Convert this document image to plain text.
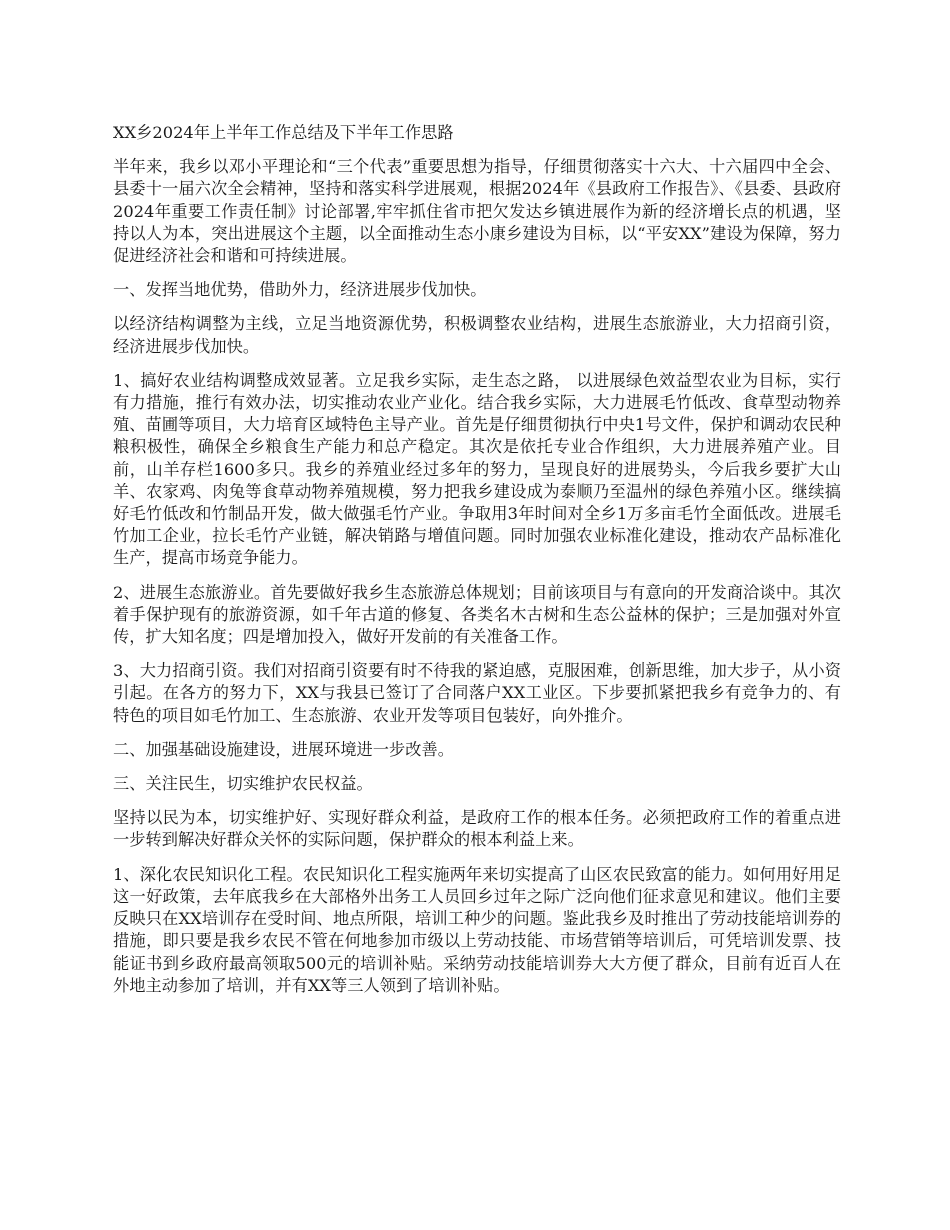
XX乡2024年上半年工作总结及下半年工作思路

半年来，我乡以邓小平理论和“三个代表”重要思想为指导，仔细贯彻落实十六大、十六届四中全会、县委十一届六次全会精神，坚持和落实科学进展观，根据2024年《县政府工作报告》、《县委、县政府2024年重要工作责任制》讨论部署,牢牢抓住省市把欠发达乡镇进展作为新的经济增长点的机遇，坚持以人为本，突出进展这个主题，以全面推动生态小康乡建设为目标，以“平安XX”建设为保障，努力促进经济社会和谐和可持续进展。

一、发挥当地优势，借助外力，经济进展步伐加快。

以经济结构调整为主线，立足当地资源优势，积极调整农业结构，进展生态旅游业，大力招商引资，经济进展步伐加快。

1、搞好农业结构调整成效显著。立足我乡实际，走生态之路， 以进展绿色效益型农业为目标，实行有力措施，推行有效办法，切实推动农业产业化。结合我乡实际，大力进展毛竹低改、食草型动物养殖、苗圃等项目，大力培育区域特色主导产业。首先是仔细贯彻执行中央1号文件，保护和调动农民种粮积极性，确保全乡粮食生产能力和总产稳定。其次是依托专业合作组织，大力进展养殖产业。目前，山羊存栏1600多只。我乡的养殖业经过多年的努力，呈现良好的进展势头，今后我乡要扩大山羊、农家鸡、肉兔等食草动物养殖规模，努力把我乡建设成为泰顺乃至温州的绿色养殖小区。继续搞好毛竹低改和竹制品开发，做大做强毛竹产业。争取用3年时间对全乡1万多亩毛竹全面低改。进展毛竹加工企业，拉长毛竹产业链，解决销路与增值问题。同时加强农业标准化建设，推动农产品标准化生产，提高市场竞争能力。

2、进展生态旅游业。首先要做好我乡生态旅游总体规划；目前该项目与有意向的开发商洽谈中。其次着手保护现有的旅游资源，如千年古道的修复、各类名木古树和生态公益林的保护；三是加强对外宣传，扩大知名度；四是增加投入，做好开发前的有关准备工作。

3、大力招商引资。我们对招商引资要有时不待我的紧迫感，克服困难，创新思维，加大步子，从小资引起。在各方的努力下，XX与我县已签订了合同落户XX工业区。下步要抓紧把我乡有竞争力的、有特色的项目如毛竹加工、生态旅游、农业开发等项目包装好，向外推介。

二、加强基础设施建设，进展环境进一步改善。

三、关注民生，切实维护农民权益。

坚持以民为本，切实维护好、实现好群众利益，是政府工作的根本任务。必须把政府工作的着重点进一步转到解决好群众关怀的实际问题，保护群众的根本利益上来。

1、深化农民知识化工程。农民知识化工程实施两年来切实提高了山区农民致富的能力。如何用好用足这一好政策，去年底我乡在大部格外出务工人员回乡过年之际广泛向他们征求意见和建议。他们主要反映只在XX培训存在受时间、地点所限，培训工种少的问题。鉴此我乡及时推出了劳动技能培训券的措施，即只要是我乡农民不管在何地参加市级以上劳动技能、市场营销等培训后，可凭培训发票、技能证书到乡政府最高领取500元的培训补贴。采纳劳动技能培训券大大方便了群众，目前有近百人在外地主动参加了培训，并有XX等三人领到了培训补贴。
